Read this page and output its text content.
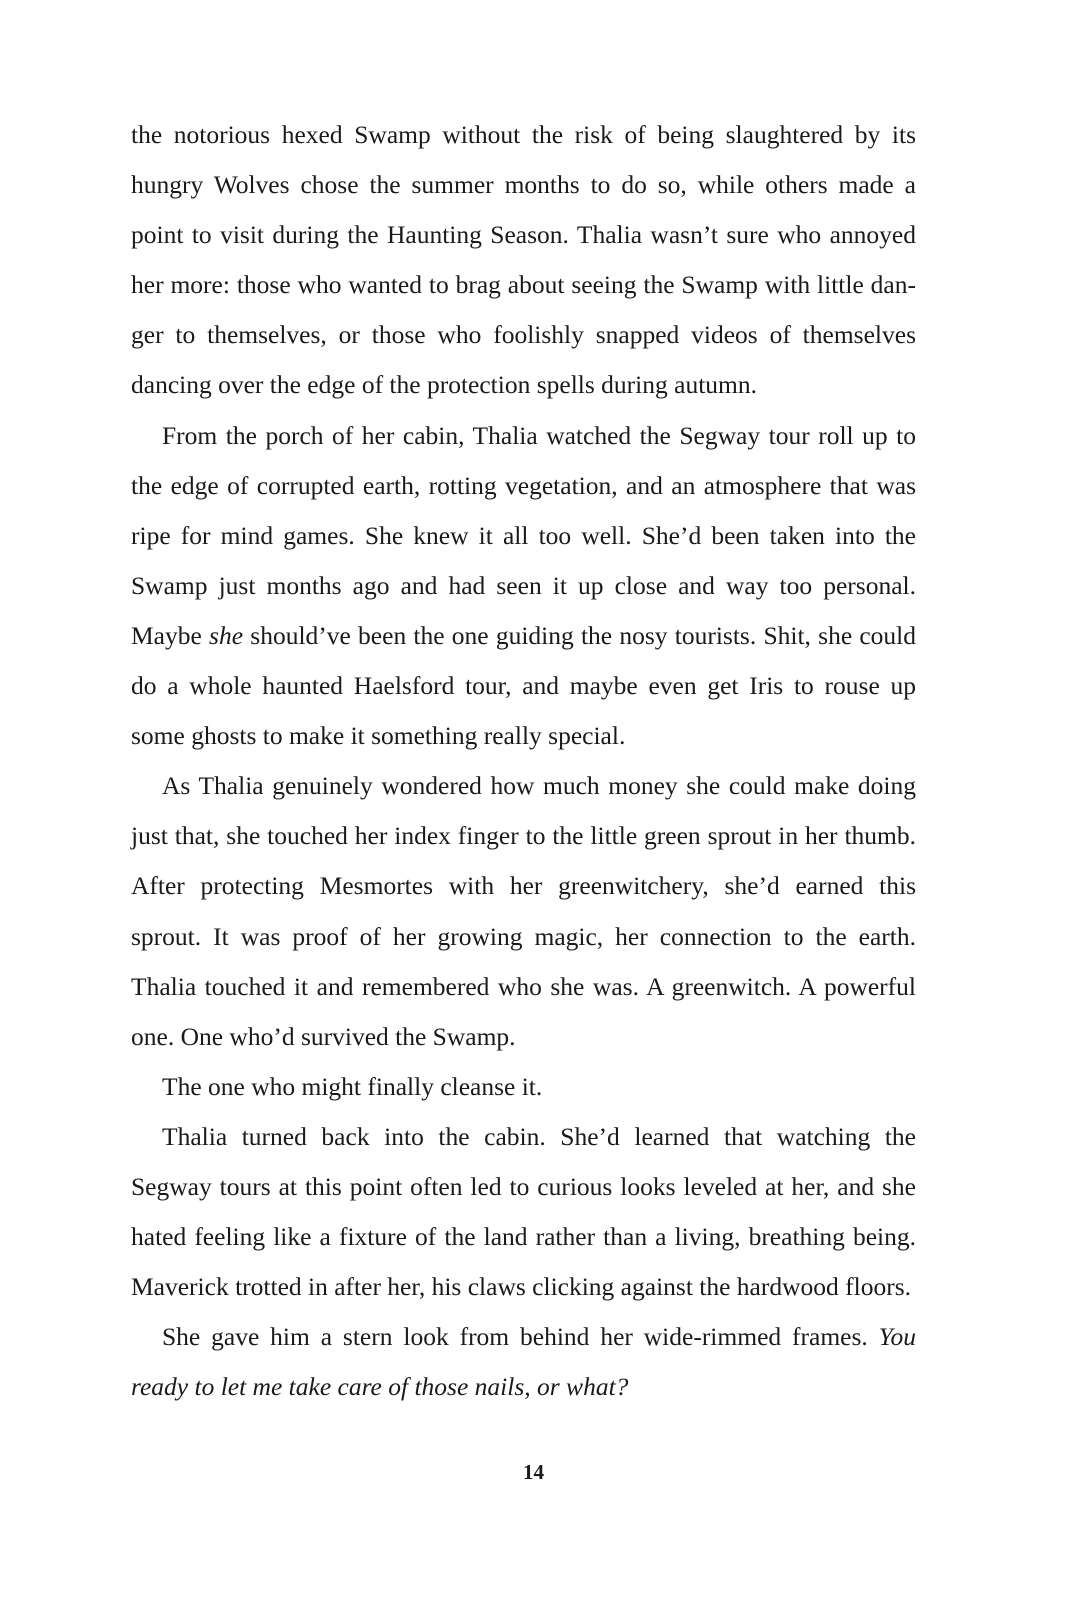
the notorious hexed Swamp without the risk of being slaughtered by its hungry Wolves chose the summer months to do so, while others made a point to visit during the Haunting Season. Thalia wasn’t sure who annoyed her more: those who wanted to brag about seeing the Swamp with little danger to themselves, or those who foolishly snapped videos of themselves dancing over the edge of the protection spells during autumn.

From the porch of her cabin, Thalia watched the Segway tour roll up to the edge of corrupted earth, rotting vegetation, and an atmosphere that was ripe for mind games. She knew it all too well. She’d been taken into the Swamp just months ago and had seen it up close and way too personal. Maybe she should’ve been the one guiding the nosy tourists. Shit, she could do a whole haunted Haelsford tour, and maybe even get Iris to rouse up some ghosts to make it something really special.

As Thalia genuinely wondered how much money she could make doing just that, she touched her index finger to the little green sprout in her thumb. After protecting Mesmortes with her greenwitchery, she’d earned this sprout. It was proof of her growing magic, her connection to the earth. Thalia touched it and remembered who she was. A greenwitch. A powerful one. One who’d survived the Swamp.

The one who might finally cleanse it.

Thalia turned back into the cabin. She’d learned that watching the Segway tours at this point often led to curious looks leveled at her, and she hated feeling like a fixture of the land rather than a living, breathing being. Maverick trotted in after her, his claws clicking against the hardwood floors.

She gave him a stern look from behind her wide-rimmed frames. You ready to let me take care of those nails, or what?

14
